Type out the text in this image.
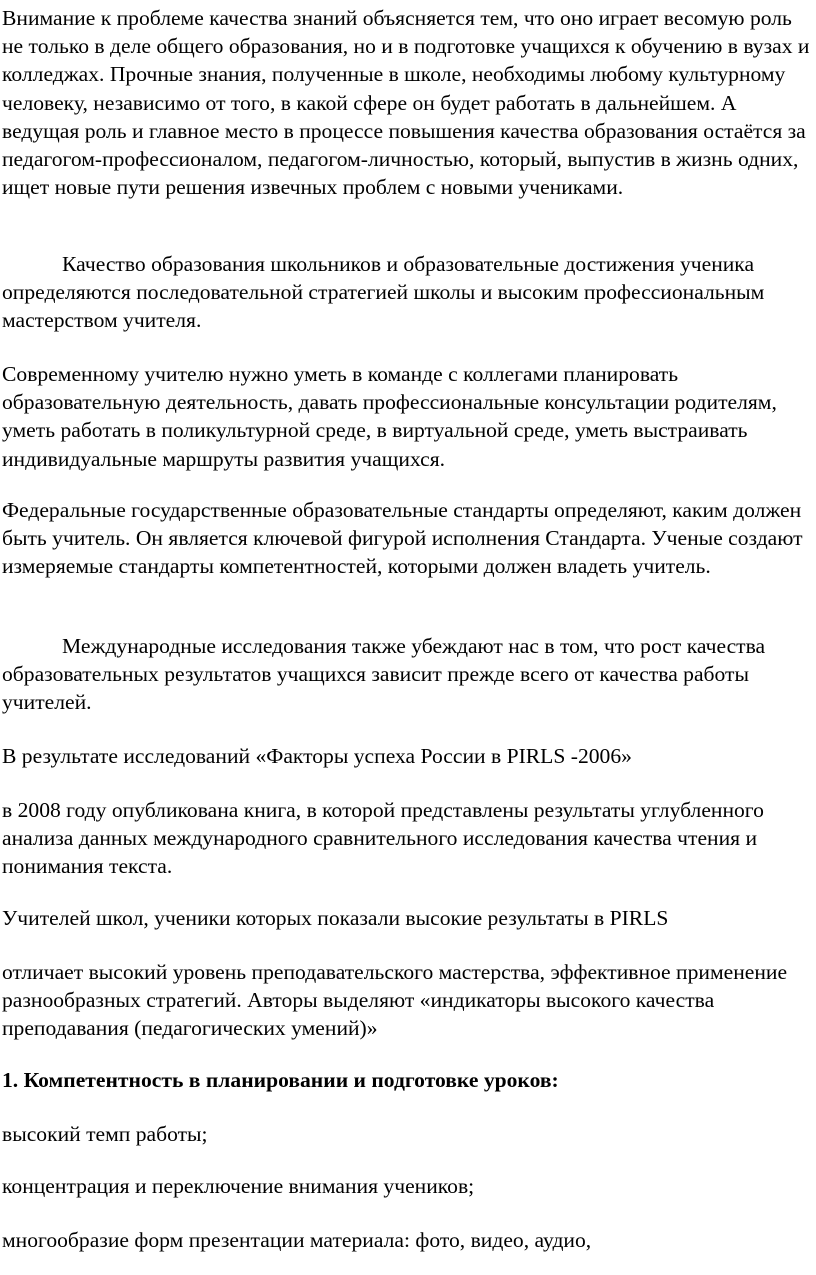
Внимание к проблеме качества знаний объясняется тем, что оно играет весомую роль не только в деле общего образования, но и в подготовке учащихся к обучению в вузах и колледжах. Прочные знания, полученные в школе, необходимы любому культурному человеку, независимо от того, в какой сфере он будет работать в дальнейшем. А ведущая роль и главное место в процессе повышения качества образования остаётся за педагогом-профессионалом, педагогом-личностью, который, выпустив в жизнь одних, ищет новые пути решения извечных проблем с новыми учениками.

Качество образования школьников и образовательные достижения ученика определяются последовательной стратегией школы и высоким профессиональным мастерством учителя.

Современному учителю нужно уметь в команде с коллегами планировать образовательную деятельность, давать профессиональные консультации родителям, уметь работать в поликультурной среде, в виртуальной среде, уметь выстраивать индивидуальные маршруты развития учащихся.

Федеральные государственные образовательные стандарты определяют, каким должен быть учитель. Он является ключевой фигурой исполнения Стандарта. Ученые создают измеряемые стандарты компетентностей, которыми должен владеть учитель.

Международные исследования также убеждают нас в том, что рост качества образовательных результатов учащихся зависит прежде всего от качества работы учителей.

В результате исследований «Факторы успеха России в PIRLS -2006»

в 2008 году опубликована книга, в которой представлены результаты углубленного анализа данных международного сравнительного исследования качества чтения и понимания текста.

Учителей школ, ученики которых показали высокие результаты в PIRLS

отличает высокий уровень преподавательского мастерства, эффективное применение разнообразных стратегий. Авторы выделяют «индикаторы высокого качества преподавания (педагогических умений)»

1. Компетентность в планировании и подготовке уроков:

высокий темп работы;

концентрация и переключение внимания учеников;

многообразие форм презентации материала: фото, видео, аудио,
